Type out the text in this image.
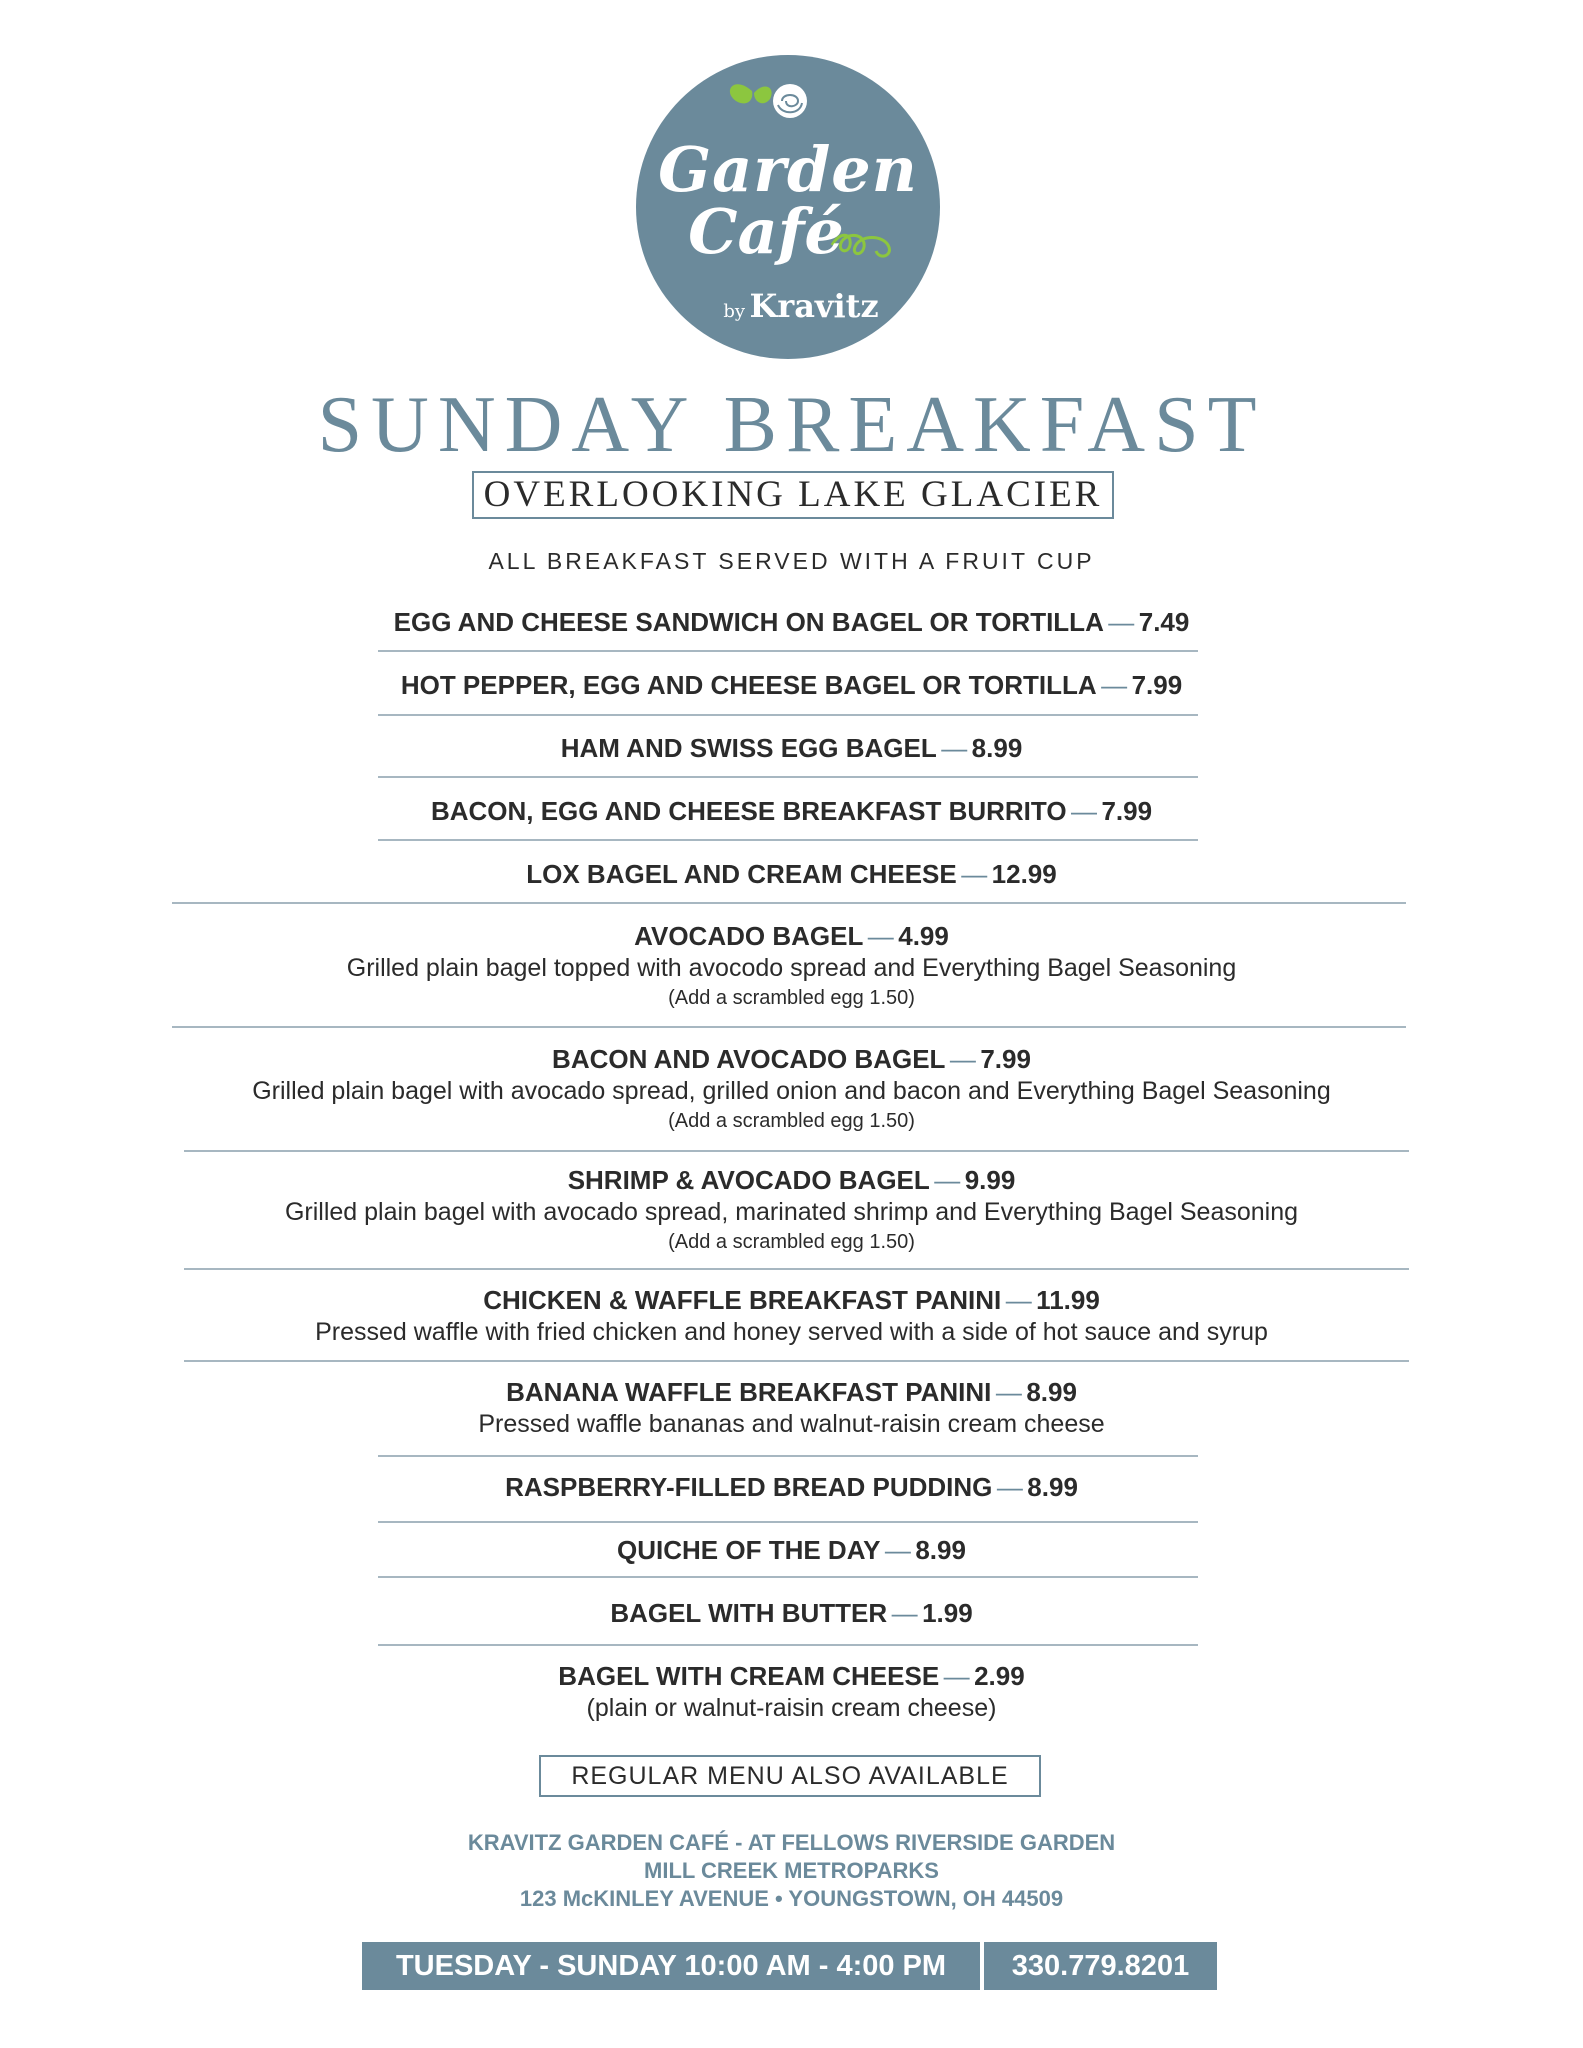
Garden
Café
by Kravitz
SUNDAY BREAKFAST
OVERLOOKING LAKE GLACIER
ALL BREAKFAST SERVED WITH A FRUIT CUP
EGG AND CHEESE SANDWICH ON BAGEL OR TORTILLA — 7.49
HOT PEPPER, EGG AND CHEESE BAGEL OR TORTILLA — 7.99
HAM AND SWISS EGG BAGEL — 8.99
BACON, EGG AND CHEESE BREAKFAST BURRITO — 7.99
LOX BAGEL AND CREAM CHEESE — 12.99
AVOCADO BAGEL — 4.99
Grilled plain bagel topped with avocodo spread and Everything Bagel Seasoning
(Add a scrambled egg 1.50)
BACON AND AVOCADO BAGEL — 7.99
Grilled plain bagel with avocado spread, grilled onion and bacon and Everything Bagel Seasoning
(Add a scrambled egg 1.50)
SHRIMP & AVOCADO BAGEL — 9.99
Grilled plain bagel with avocado spread, marinated shrimp and Everything Bagel Seasoning
(Add a scrambled egg 1.50)
CHICKEN & WAFFLE BREAKFAST PANINI — 11.99
Pressed waffle with fried chicken and honey served with a side of hot sauce and syrup
BANANA WAFFLE BREAKFAST PANINI — 8.99
Pressed waffle bananas and walnut-raisin cream cheese
RASPBERRY-FILLED BREAD PUDDING — 8.99
QUICHE OF THE DAY — 8.99
BAGEL WITH BUTTER — 1.99
BAGEL WITH CREAM CHEESE — 2.99
(plain or walnut-raisin cream cheese)
REGULAR MENU ALSO AVAILABLE
KRAVITZ GARDEN CAFÉ - AT FELLOWS RIVERSIDE GARDEN
MILL CREEK METROPARKS
123 McKINLEY AVENUE • YOUNGSTOWN, OH 44509
TUESDAY - SUNDAY 10:00 AM - 4:00 PM	330.779.8201
